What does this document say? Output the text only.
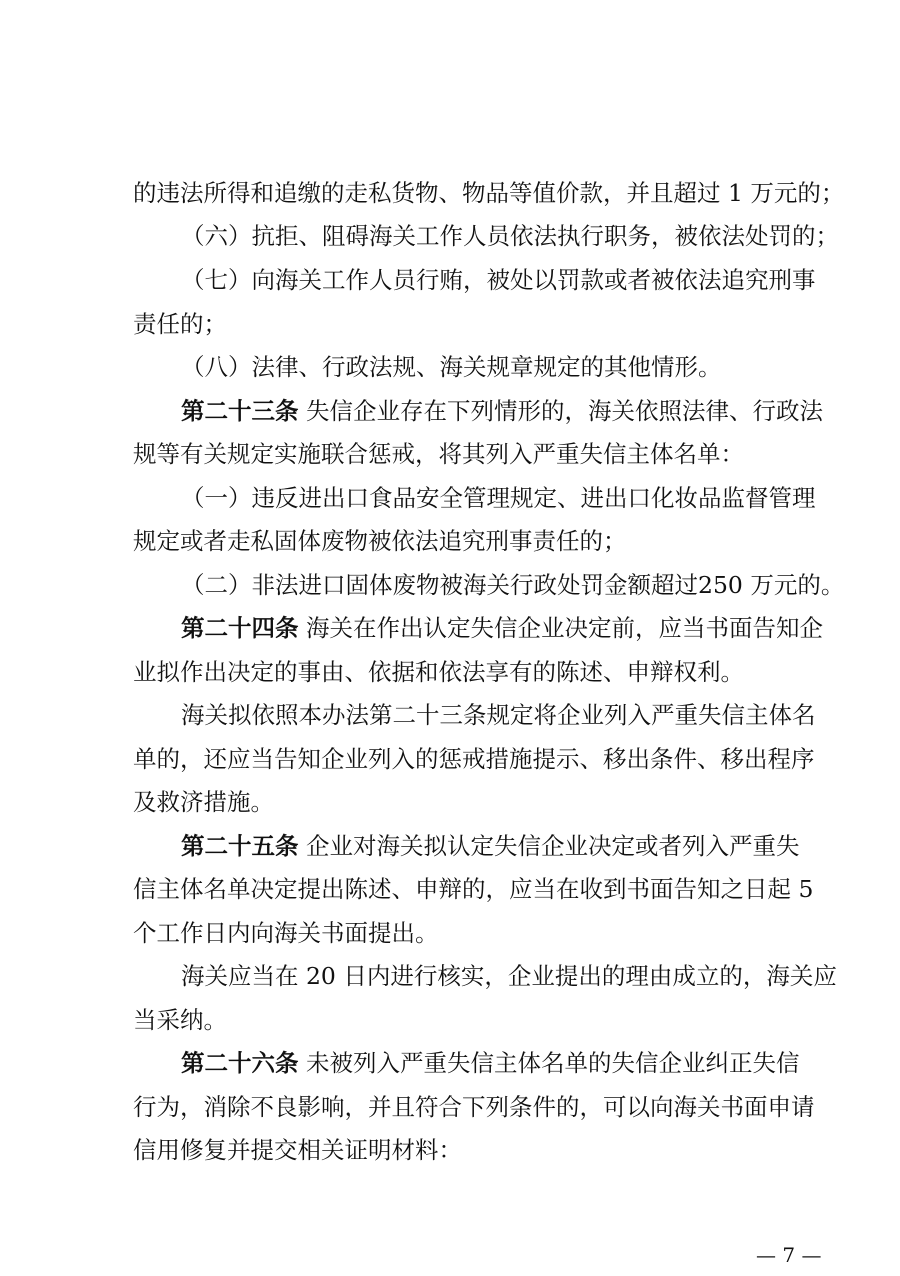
的违法所得和追缴的走私货物、物品等值价款，并且超过 1 万元的；
（六）抗拒、阻碍海关工作人员依法执行职务，被依法处罚的；
（七）向海关工作人员行贿，被处以罚款或者被依法追究刑事
责任的；
（八）法律、行政法规、海关规章规定的其他情形。
第二十三条 失信企业存在下列情形的，海关依照法律、行政法
规等有关规定实施联合惩戒，将其列入严重失信主体名单：
（一）违反进出口食品安全管理规定、进出口化妆品监督管理
规定或者走私固体废物被依法追究刑事责任的；
（二）非法进口固体废物被海关行政处罚金额超过250 万元的。
第二十四条 海关在作出认定失信企业决定前，应当书面告知企
业拟作出决定的事由、依据和依法享有的陈述、申辩权利。
海关拟依照本办法第二十三条规定将企业列入严重失信主体名
单的，还应当告知企业列入的惩戒措施提示、移出条件、移出程序
及救济措施。
第二十五条 企业对海关拟认定失信企业决定或者列入严重失
信主体名单决定提出陈述、申辩的，应当在收到书面告知之日起 5
个工作日内向海关书面提出。
海关应当在 20 日内进行核实，企业提出的理由成立的，海关应
当采纳。
第二十六条 未被列入严重失信主体名单的失信企业纠正失信
行为，消除不良影响，并且符合下列条件的，可以向海关书面申请
信用修复并提交相关证明材料：
— 7 —
